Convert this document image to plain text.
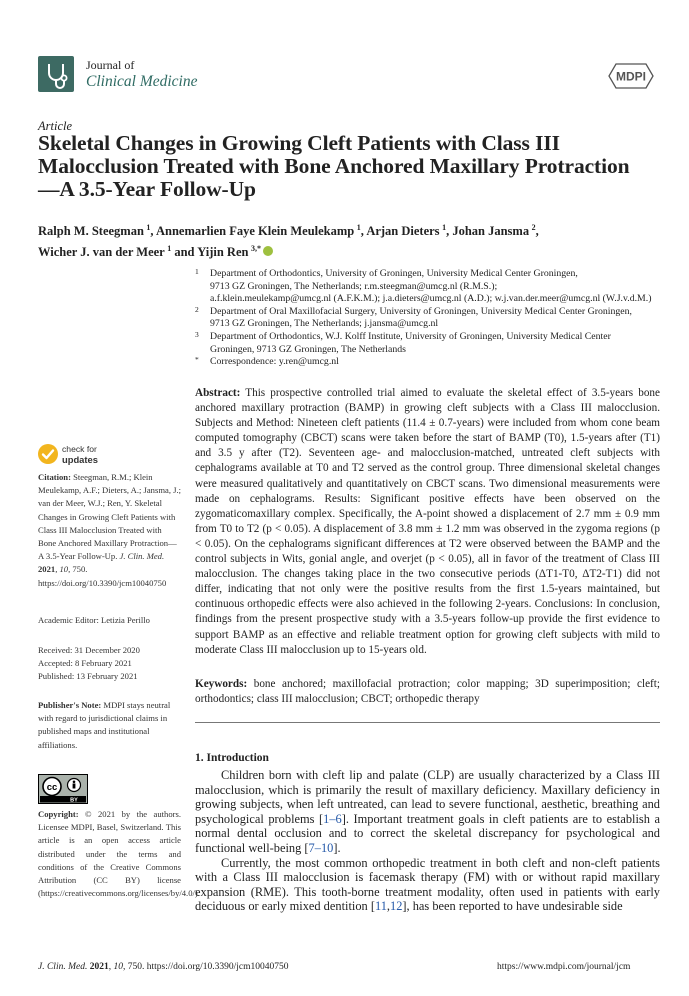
Journal of
Clinical Medicine	MDPI
Article
Skeletal Changes in Growing Cleft Patients with Class III Malocclusion Treated with Bone Anchored Maxillary Protraction—A 3.5-Year Follow-Up
Ralph M. Steegman  $^1$, Annemarlien Faye Klein Meulekamp  $^1$, Arjan Dieters  $^1$, Johan Jansma  $^2$,
Wicher J. van der Meer  $^1$ and Yijin Ren  $^{3,*}$
1 Department of Orthodontics, University of Groningen, University Medical Center Groningen,
9713 GZ Groningen, The Netherlands; r.m.steegman@umcg.nl (R.M.S.);
a.f.klein.meulekamp@umcg.nl (A.F.K.M.); j.a.dieters@umcg.nl (A.D.); w.j.van.der.meer@umcg.nl (W.J.v.d.M.)
2 Department of Oral Maxillofacial Surgery, University of Groningen, University Medical Center Groningen,
9713 GZ Groningen, The Netherlands; j.jansma@umcg.nl
3 Department of Orthodontics, W.J. Kolff Institute, University of Groningen, University Medical Center
Groningen, 9713 GZ Groningen, The Netherlands
* Correspondence: y.ren@umcg.nl
Abstract: This prospective controlled trial aimed to evaluate the skeletal effect of 3.5-years bone anchored maxillary protraction (BAMP) in growing cleft subjects with a Class III malocclusion. Subjects and Method: Nineteen cleft patients (11.4 ± 0.7-years) were included from whom cone beam computed tomography (CBCT) scans were taken before the start of BAMP (T0), 1.5-years after (T1) and 3.5 y after (T2). Seventeen age- and malocclusion-matched, untreated cleft subjects with cephalograms available at T0 and T2 served as the control group. Three dimensional skeletal changes were measured qualitatively and quantitatively on CBCT scans. Two dimensional measurements were made on cephalograms. Results: Significant positive effects have been observed on the zygomaticomaxillary complex. Specifically, the A-point showed a displacement of 2.7 mm ± 0.9 mm from T0 to T2 (p < 0.05). A displacement of 3.8 mm ± 1.2 mm was observed in the zygoma regions (p < 0.05). On the cephalograms significant differences at T2 were observed between the BAMP and the control subjects in Wits, gonial angle, and overjet (p < 0.05), all in favor of the treatment of Class III malocclusion. The changes taking place in the two consecutive periods (ΔT1-T0, ΔT2-T1) did not differ, indicating that not only were the positive results from the first 1.5-years maintained, but continuous orthopedic effects were also achieved in the following 2-years. Conclusions: In conclusion, findings from the present prospective study with a 3.5-years follow-up provide the first evidence to support BAMP as an effective and reliable treatment option for growing cleft subjects with mild to moderate Class III malocclusion up to 15-years old.
Keywords: bone anchored; maxillofacial protraction; color mapping; 3D superimposition; cleft; orthodontics; class III malocclusion; CBCT; orthopedic therapy
1. Introduction

Children born with cleft lip and palate (CLP) are usually characterized by a Class III malocclusion, which is primarily the result of maxillary deficiency. Maxillary deficiency in growing subjects, when left untreated, can lead to severe functional, aesthetic, breathing and psychological problems [1–6]. Important treatment goals in cleft patients are to establish a normal dental occlusion and to correct the skeletal discrepancy for psychological and functional well-being [7–10].

Currently, the most common orthopedic treatment in both cleft and non-cleft patients with a Class III malocclusion is facemask therapy (FM) with or without rapid maxillary expansion (RME). This tooth-borne treatment modality, often used in patients with early deciduous or early mixed dentition [11,12], has been reported to have undesirable side

check for
updates

Citation: Steegman, R.M.; Klein Meulekamp, A.F.; Dieters, A.; Jansma, J.; van der Meer, W.J.; Ren, Y. Skeletal Changes in Growing Cleft Patients with Class III Malocclusion Treated with Bone Anchored Maxillary Protraction—A 3.5-Year Follow-Up. J. Clin. Med. 2021, 10, 750. https://doi.org/10.3390/jcm10040750

Academic Editor: Letizia Perillo

Received: 31 December 2020

Accepted: 8 February 2021

Published: 13 February 2021

Publisher's Note: MDPI stays neutral with regard to jurisdictional claims in published maps and institutional affiliations.

cc
BY

Copyright: © 2021 by the authors. Licensee MDPI, Basel, Switzerland. This article is an open access article distributed under the terms and conditions of the Creative Commons Attribution (CC BY) license (https://creativecommons.org/licenses/by/4.0/).

J. Clin. Med. 2021, 10, 750. https://doi.org/10.3390/jcm10040750	https://www.mdpi.com/journal/jcm
